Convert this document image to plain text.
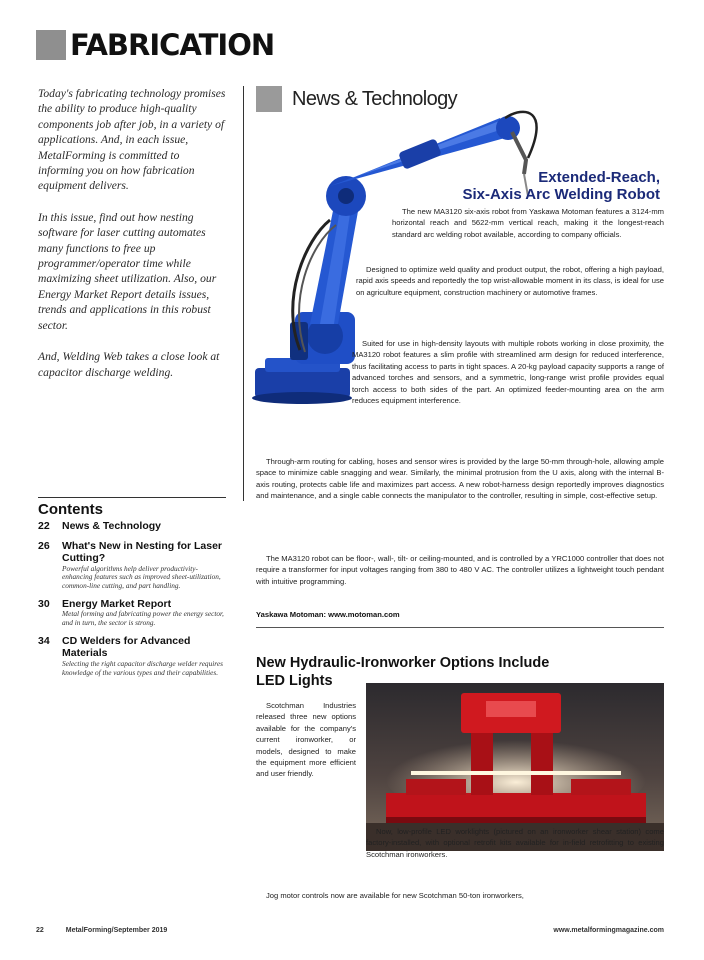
FABRICATION

Today's fabricating technology promises the ability to produce high-quality components job after job, in a variety of applications. And, in each issue, MetalForming is committed to informing you on how fabrication equipment delivers.

In this issue, find out how nesting software for laser cutting automates many functions to free up programmer/operator time while maximizing sheet utilization. Also, our Energy Market Report details issues, trends and applications in this robust sector.

And, Welding Web takes a close look at capacitor discharge welding.

Contents
22	News & Technology
26	What's New in Nesting for Laser Cutting?
Powerful algorithms help deliver productivity-enhancing features such as improved sheet-utilization, common-line cutting, and part handling.
30	Energy Market Report
Metal forming and fabricating power the energy sector, and in turn, the sector is strong.
34	CD Welders for Advanced Materials
Selecting the right capacitor discharge welder requires knowledge of the various types and their capabilities.
News & Technology
Extended-Reach,
Six-Axis Arc Welding Robot
The new MA3120 six-axis robot from Yaskawa Motoman features a 3124-mm horizontal reach and 5622-mm vertical reach, making it the longest-reach standard arc welding robot available, according to company officials.
Designed to optimize weld quality and product output, the robot, offering a high payload, rapid axis speeds and reportedly the top wrist-allowable moment in its class, is ideal for use on agriculture equipment, construction machinery or automotive frames.
Suited for use in high-density layouts with multiple robots working in close proximity, the MA3120 robot features a slim profile with streamlined arm design for reduced interference, thus facilitating access to parts in tight spaces. A 20-kg payload capacity supports a range of advanced torches and sensors, and a symmetric, long-range wrist profile provides equal torch access to both sides of the part. An optimized feeder-mounting area on the arm reduces equipment interference.
Through-arm routing for cabling, hoses and sensor wires is provided by the large 50-mm through-hole, allowing ample space to minimize cable snagging and wear. Similarly, the minimal protrusion from the U axis, along with the internal B-axis routing, protects cable life and maximizes part access. A new robot-harness design reportedly improves diagnostics and maintenance, and a single cable connects the manipulator to the controller, resulting in simple, cost-effective setup.
The MA3120 robot can be floor-, wall-, tilt- or ceiling-mounted, and is controlled by a YRC1000 controller that does not require a transformer for input voltages ranging from 380 to 480 V AC. The controller utilizes a lightweight touch pendant with intuitive programming.
Yaskawa Motoman: www.motoman.com
New Hydraulic-Ironworker Options Include
LED Lights
Scotchman Industries released three new options available for the company's current ironworker, or models, designed to make the equipment more efficient and user friendly.
Now, low-profile LED worklights (pictured on an ironworker shear station) come factory-installed, with optional retrofit kits available for in-field retrofitting to existing Scotchman ironworkers.
Jog motor controls now are available for new Scotchman 50-ton ironworkers,
22	MetalForming/September 2019	www.metalformingmagazine.com
